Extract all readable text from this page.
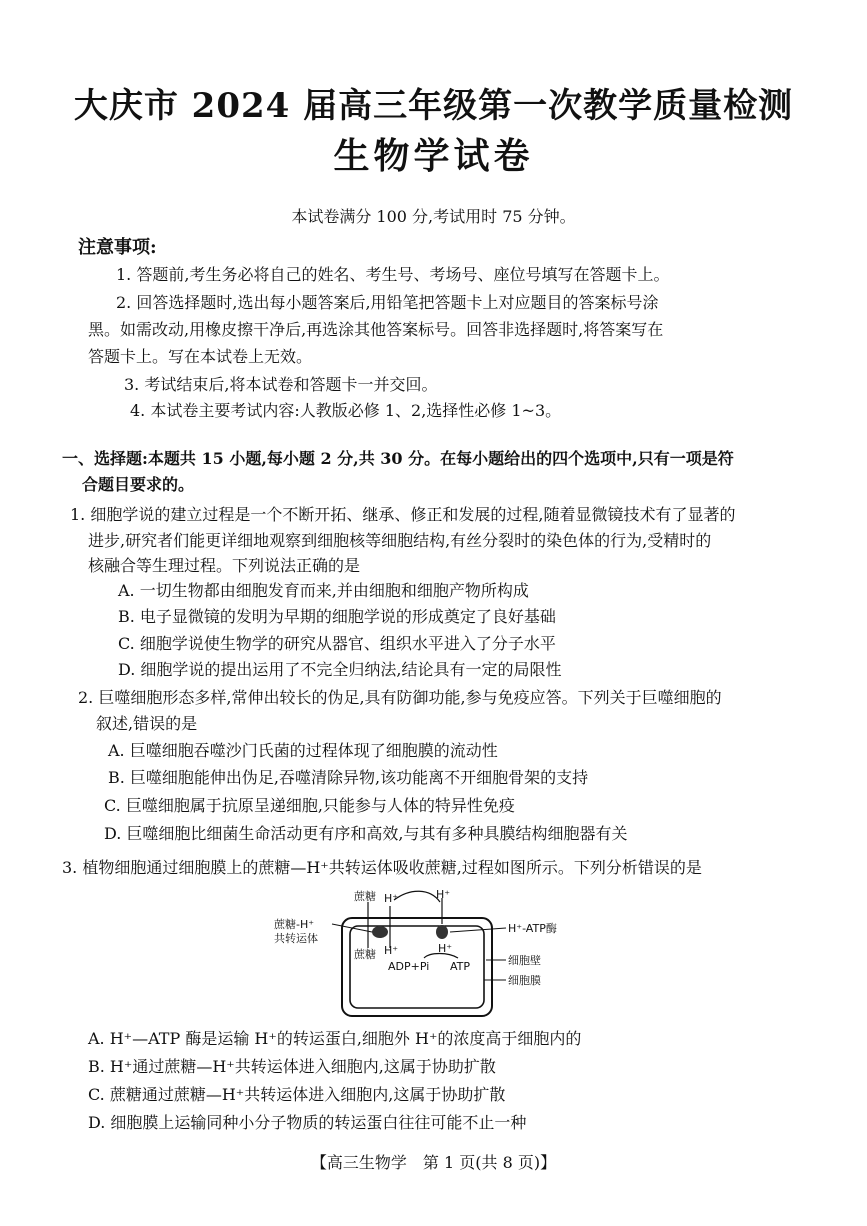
大庆市 2024 届高三年级第一次教学质量检测
生物学试卷
本试卷满分 100 分,考试用时 75 分钟。
注意事项:
1. 答题前,考生务必将自己的姓名、考生号、考场号、座位号填写在答题卡上。
2. 回答选择题时,选出每小题答案后,用铅笔把答题卡上对应题目的答案标号涂
黑。如需改动,用橡皮擦干净后,再选涂其他答案标号。回答非选择题时,将答案写在
答题卡上。写在本试卷上无效。
3. 考试结束后,将本试卷和答题卡一并交回。
4. 本试卷主要考试内容:人教版必修 1、2,选择性必修 1~3。
一、选择题:本题共 15 小题,每小题 2 分,共 30 分。在每小题给出的四个选项中,只有一项是符
合题目要求的。
1. 细胞学说的建立过程是一个不断开拓、继承、修正和发展的过程,随着显微镜技术有了显著的
进步,研究者们能更详细地观察到细胞核等细胞结构,有丝分裂时的染色体的行为,受精时的
核融合等生理过程。下列说法正确的是
A. 一切生物都由细胞发育而来,并由细胞和细胞产物所构成
B. 电子显微镜的发明为早期的细胞学说的形成奠定了良好基础
C. 细胞学说使生物学的研究从器官、组织水平进入了分子水平
D. 细胞学说的提出运用了不完全归纳法,结论具有一定的局限性
2. 巨噬细胞形态多样,常伸出较长的伪足,具有防御功能,参与免疫应答。下列关于巨噬细胞的
叙述,错误的是
A. 巨噬细胞吞噬沙门氏菌的过程体现了细胞膜的流动性
B. 巨噬细胞能伸出伪足,吞噬清除异物,该功能离不开细胞骨架的支持
C. 巨噬细胞属于抗原呈递细胞,只能参与人体的特异性免疫
D. 巨噬细胞比细菌生命活动更有序和高效,与其有多种具膜结构细胞器有关
3. 植物细胞通过细胞膜上的蔗糖—H⁺共转运体吸收蔗糖,过程如图所示。下列分析错误的是
蔗糖 H⁺	H⁺
蔗糖-H⁺
共转运体
蔗糖 H⁺	H⁺
ADP+Pi ATP
H⁺-ATP酶
细胞壁
细胞膜
A. H⁺—ATP 酶是运输 H⁺的转运蛋白,细胞外 H⁺的浓度高于细胞内的
B. H⁺通过蔗糖—H⁺共转运体进入细胞内,这属于协助扩散
C. 蔗糖通过蔗糖—H⁺共转运体进入细胞内,这属于协助扩散
D. 细胞膜上运输同种小分子物质的转运蛋白往往可能不止一种
【高三生物学　第 1 页(共 8 页)】
